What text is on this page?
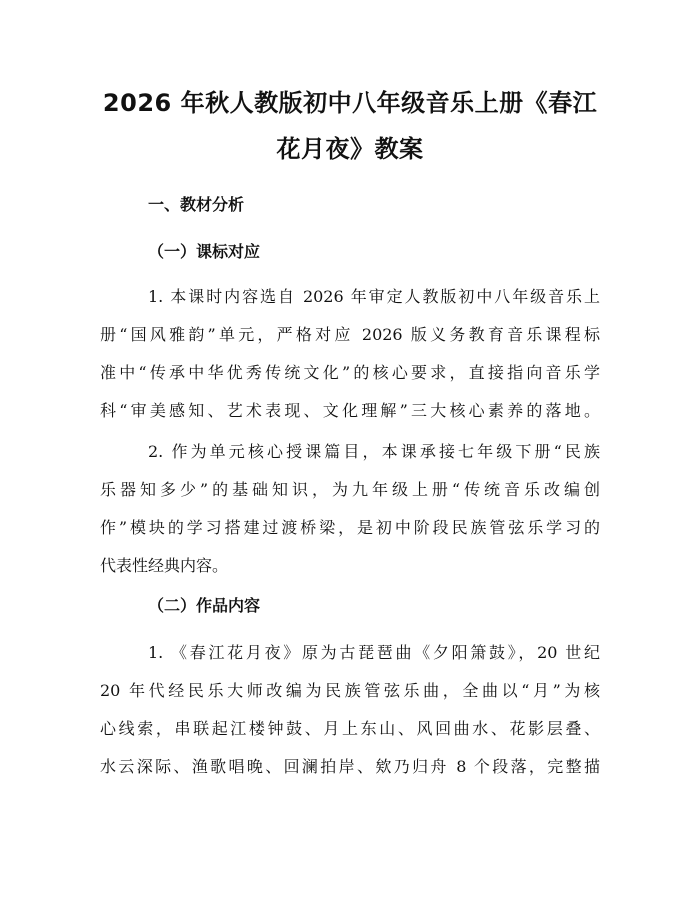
2026 年秋人教版初中八年级音乐上册《春江
花月夜》教案
一、教材分析
（一）课标对应
1. 本课时内容选自 2026 年审定人教版初中八年级音乐上
册“国风雅韵”单元，严格对应 2026 版义务教育音乐课程标
准中“传承中华优秀传统文化”的核心要求，直接指向音乐学
科“审美感知、艺术表现、文化理解”三大核心素养的落地。
2. 作为单元核心授课篇目，本课承接七年级下册“民族
乐器知多少”的基础知识，为九年级上册“传统音乐改编创
作”模块的学习搭建过渡桥梁，是初中阶段民族管弦乐学习的
代表性经典内容。
（二）作品内容
1. 《春江花月夜》原为古琵琶曲《夕阳箫鼓》，20 世纪
20 年代经民乐大师改编为民族管弦乐曲，全曲以“月”为核
心线索，串联起江楼钟鼓、月上东山、风回曲水、花影层叠、
水云深际、渔歌唱晚、回澜拍岸、欸乃归舟 8 个段落，完整描
